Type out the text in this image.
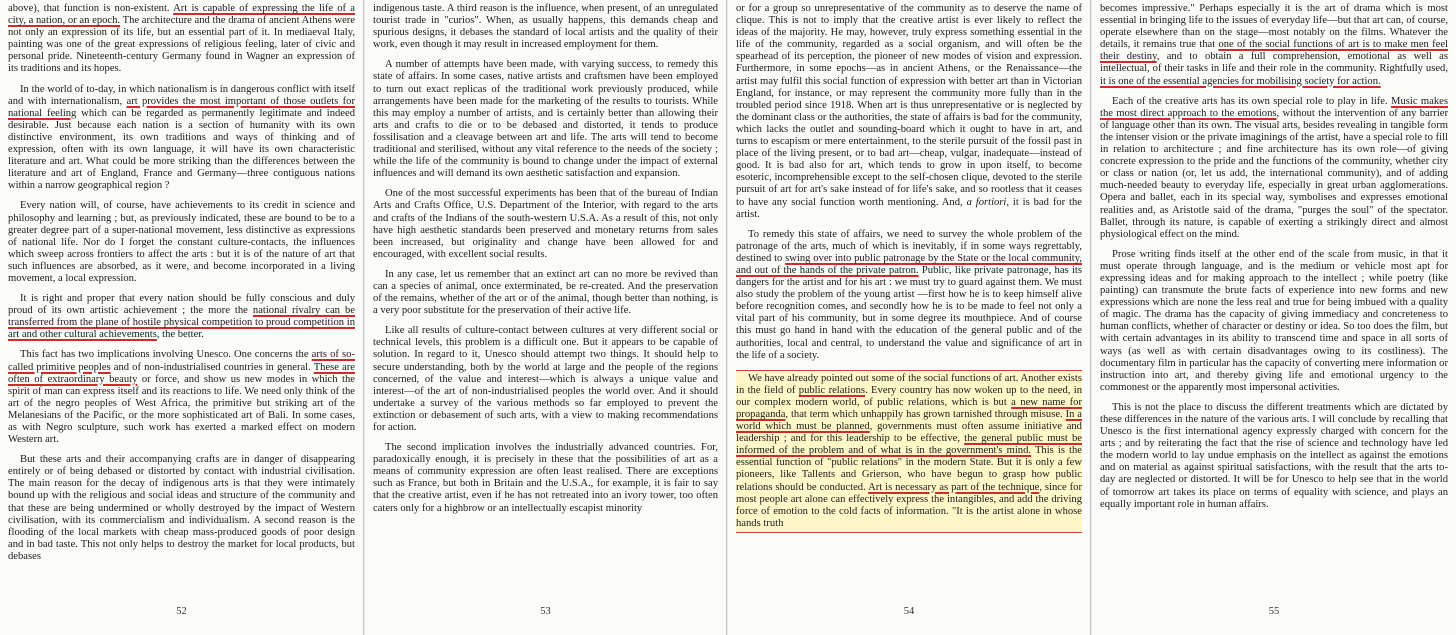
above), that function is non-existent. Art is capable of expressing the life of a city, a nation, or an epoch. The architecture and the drama of ancient Athens were not only an expression of its life, but an essential part of it. In mediaeval Italy, painting was one of the great expressions of religious feeling, later of civic and personal pride. Nineteenth-century Germany found in Wagner an expression of its traditions and its hopes.

In the world of to-day, in which nationalism is in dangerous conflict with itself and with internationalism, art provides the most important of those outlets for national feeling which can be regarded as permanently legitimate and indeed desirable. Just because each nation is a section of humanity with its own distinctive environment, its own traditions and ways of thinking and of expression, often with its own language, it will have its own characteristic literature and art. What could be more striking than the differences between the literature and art of England, France and Germany—three contiguous nations within a narrow geographical region ?

Every nation will, of course, have achievements to its credit in science and philosophy and learning ; but, as previously indicated, these are bound to be to a greater degree part of a super-national movement, less distinctive as expressions of national life. Nor do I forget the constant culture-contacts, the influences which sweep across frontiers to affect the arts : but it is of the nature of art that such influences are absorbed, as it were, and become incorporated in a living movement, a local expression.

It is right and proper that every nation should be fully conscious and duly proud of its own artistic achievement ; the more the national rivalry can be transferred from the plane of hostile physical competition to proud competition in art and other cultural achievements, the better.

This fact has two implications involving Unesco. One concerns the arts of so-called primitive peoples and of non-industrialised countries in general. These are often of extraordinary beauty or force, and show us new modes in which the spirit of man can express itself and its reactions to life. We need only think of the art of the negro peoples of West Africa, the primitive but striking art of the Melanesians of the Pacific, or the more sophisticated art of Bali. In some cases, as with Negro sculpture, such work has exerted a marked effect on modern Western art.

But these arts and their accompanying crafts are in danger of disappearing entirely or of being debased or distorted by contact with industrial civilisation. The main reason for the decay of indigenous arts is that they were intimately bound up with the religious and social ideas and structure of the community and that these are being undermined or wholly destroyed by the impact of Western civilisation, with its commercialism and individualism. A second reason is the flooding of the local markets with cheap mass-produced goods of poor design and in bad taste. This not only helps to destroy the market for local products, but debases

52

indigenous taste. A third reason is the influence, when present, of an unregulated tourist trade in "curios". When, as usually happens, this demands cheap and spurious designs, it debases the standard of local artists and the quality of their work, even though it may result in increased employment for them.

A number of attempts have been made, with varying success, to remedy this state of affairs. In some cases, native artists and craftsmen have been employed to turn out exact replicas of the traditional work previously produced, while arrangements have been made for the marketing of the results to tourists. While this may employ a number of artists, and is certainly better than allowing their arts and crafts to die or to be debased and distorted, it tends to produce fossilisation and a cleavage between art and life. The arts will tend to become traditional and sterilised, without any vital reference to the needs of the society ; while the life of the community is bound to change under the impact of external influences and will demand its own aesthetic satisfaction and expansion.

One of the most successful experiments has been that of the bureau of Indian Arts and Crafts Office, U.S. Department of the Interior, with regard to the arts and crafts of the Indians of the south-western U.S.A. As a result of this, not only have high aesthetic standards been preserved and monetary returns from sales been increased, but originality and change have been allowed for and encouraged, with excellent social results.

In any case, let us remember that an extinct art can no more be revived than can a species of animal, once exterminated, be re-created. And the preservation of the remains, whether of the art or of the animal, though better than nothing, is a very poor substitute for the preservation of their active life.

Like all results of culture-contact between cultures at very different social or technical levels, this problem is a difficult one. But it appears to be capable of solution. In regard to it, Unesco should attempt two things. It should help to secure understanding, both by the world at large and the people of the regions concerned, of the value and interest—which is always a unique value and interest—of the art of non-industrialised peoples the world over. And it should undertake a survey of the various methods so far employed to prevent the extinction or debasement of such arts, with a view to making recommendations for action.

The second implication involves the industrially advanced countries. For, paradoxically enough, it is precisely in these that the possibilities of art as a means of community expression are often least realised. There are exceptions such as France, but both in Britain and the U.S.A., for example, it is fair to say that the creative artist, even if he has not retreated into an ivory tower, too often caters only for a highbrow or an intellectually escapist minority

53

or for a group so unrepresentative of the community as to deserve the name of clique. This is not to imply that the creative artist is ever likely to reflect the ideas of the majority. He may, however, truly express something essential in the life of the community, regarded as a social organism, and will often be the spearhead of its perception, the pioneer of new modes of vision and expression. Furthermore, in some epochs—as in ancient Athens, or the Renaissance—the artist may fulfil this social function of expression with better art than in Victorian England, for instance, or may represent the community more fully than in the troubled period since 1918. When art is thus unrepresentative or is neglected by the dominant class or the authorities, the state of affairs is bad for the community, which lacks the outlet and sounding-board which it ought to have in art, and turns to escapism or mere entertainment, to the sterile pursuit of the fossil past in place of the living present, or to bad art—cheap, vulgar, inadequate—instead of good. It is bad also for art, which tends to grow in upon itself, to become esoteric, incomprehensible except to the self-chosen clique, devoted to the sterile pursuit of art for art's sake instead of for life's sake, and so rootless that it ceases to have any social function worth mentioning. And, a fortiori, it is bad for the artist.

To remedy this state of affairs, we need to survey the whole problem of the patronage of the arts, much of which is inevitably, if in some ways regrettably, destined to swing over into public patronage by the State or the local community, and out of the hands of the private patron. Public, like private patronage, has its dangers for the artist and for his art : we must try to guard against them. We must also study the problem of the young artist —first how he is to keep himself alive before recognition comes, and secondly how he is to be made to feel not only a vital part of his community, but in some degree its mouthpiece. And of course this must go hand in hand with the education of the general public and of the authorities, local and central, to understand the value and significance of art in the life of a society.

We have already pointed out some of the social functions of art. Another exists in the field of public relations. Every country has now woken up to the need, in our complex modern world, of public relations, which is but a new name for propaganda, that term which unhappily has grown tarnished through misuse. In a world which must be planned, governments must often assume initiative and leadership ; and for this leadership to be effective, the general public must be informed of the problem and of what is in the government's mind. This is the essential function of "public relations" in the modern State. But it is only a few pioneers, like Tallents and Grierson, who have begun to grasp how public relations should be conducted. Art is necessary as part of the technique, since for most people art alone can effectively express the intangibles, and add the driving force of emotion to the cold facts of information. "It is the artist alone in whose hands truth

54

becomes impressive." Perhaps especially it is the art of drama which is most essential in bringing life to the issues of everyday life—but that art can, of course, operate elsewhere than on the stage—most notably on the films. Whatever the details, it remains true that one of the social functions of art is to make men feel their destiny, and to obtain a full comprehension, emotional as well as intellectual, of their tasks in life and their role in the community. Rightfully used, it is one of the essential agencies for mobilising society for action.

Each of the creative arts has its own special role to play in life. Music makes the most direct approach to the emotions, without the intervention of any barrier of language other than its own. The visual arts, besides revealing in tangible form the intenser vision or the private imaginings of the artist, have a special role to fill in relation to architecture ; and fine architecture has its own role—of giving concrete expression to the pride and the functions of the community, whether city or class or nation (or, let us add, the international community), and of adding much-needed beauty to everyday life, especially in great urban agglomerations. Opera and ballet, each in its special way, symbolises and expresses emotional realities and, as Aristotle said of the drama, "purges the soul" of the spectator. Ballet, through its nature, is capable of exerting a strikingly direct and almost physiological effect on the mind.

Prose writing finds itself at the other end of the scale from music, in that it must operate through language, and is the medium or vehicle most apt for expressing ideas and for making approach to the intellect ; while poetry (like painting) can transmute the brute facts of experience into new forms and new expressions which are none the less real and true for being imbued with a quality of magic. The drama has the capacity of giving immediacy and concreteness to human conflicts, whether of character or destiny or idea. So too does the film, but with certain advantages in its ability to transcend time and space in all sorts of ways (as well as with certain disadvantages owing to its costliness). The documentary film in particular has the capacity of converting mere information or instruction into art, and thereby giving life and emotional urgency to the commonest or the apparently most impersonal activities.

This is not the place to discuss the different treatments which are dictated by these differences in the nature of the various arts. I will conclude by recalling that Unesco is the first international agency expressly charged with concern for the arts ; and by reiterating the fact that the rise of science and technology have led the modern world to lay undue emphasis on the intellect as against the emotions and on material as against spiritual satisfactions, with the result that the arts to-day are neglected or distorted. It will be for Unesco to help see that in the world of tomorrow art takes its place on terms of equality with science, and plays an equally important role in human affairs.

55
